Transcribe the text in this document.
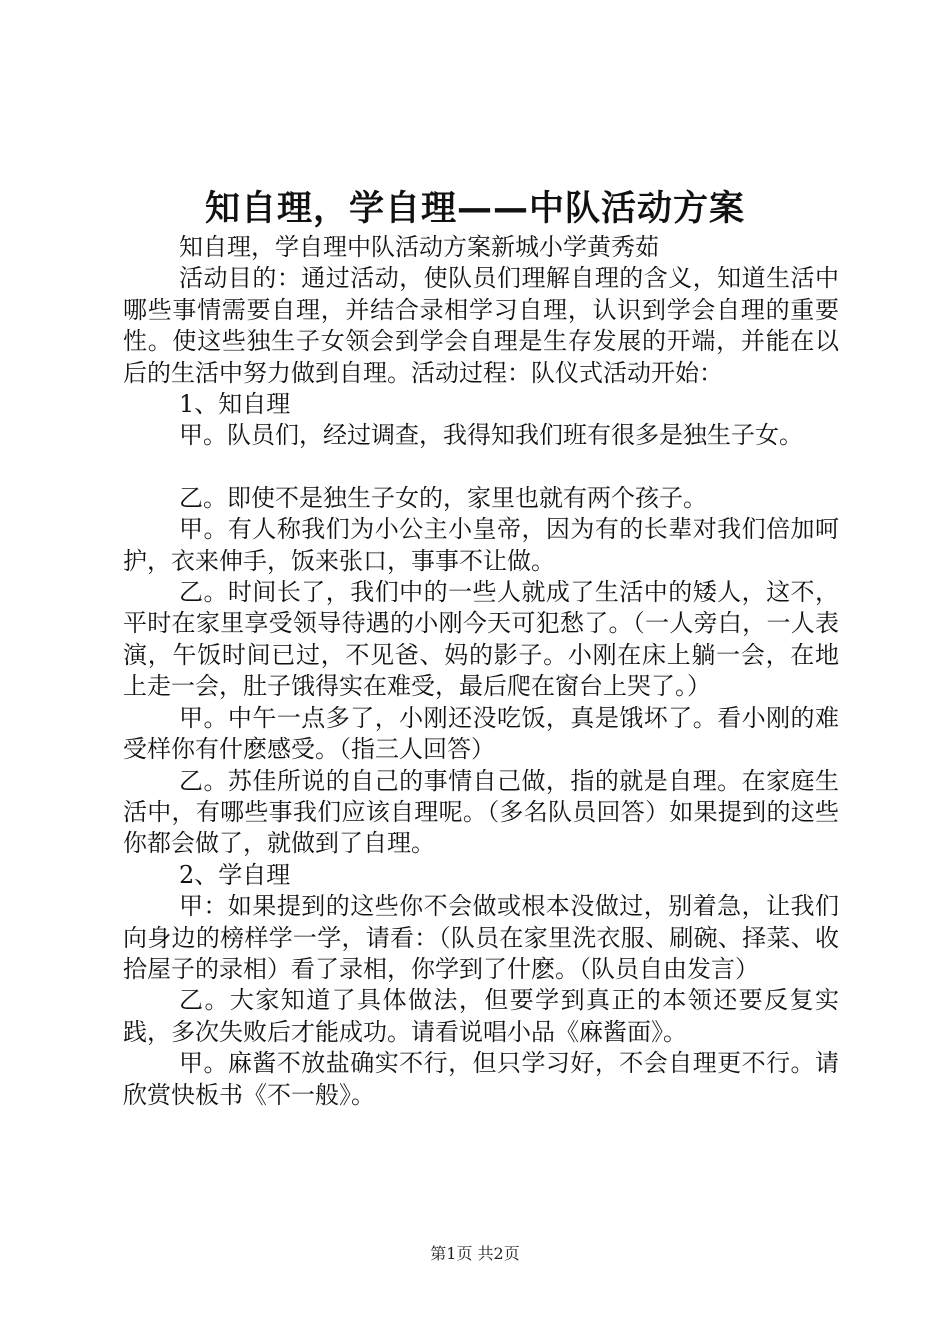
知自理，学自理——中队活动方案

知自理，学自理中队活动方案新城小学黄秀茹

活动目的：通过活动，使队员们理解自理的含义，知道生活中哪些事情需要自理，并结合录相学习自理，认识到学会自理的重要性。使这些独生子女领会到学会自理是生存发展的开端，并能在以后的生活中努力做到自理。活动过程：队仪式活动开始：

1、知自理

甲。队员们，经过调查，我得知我们班有很多是独生子女。

乙。即使不是独生子女的，家里也就有两个孩子。

甲。有人称我们为小公主小皇帝，因为有的长辈对我们倍加呵护，衣来伸手，饭来张口，事事不让做。

乙。时间长了，我们中的一些人就成了生活中的矮人，这不，平时在家里享受领导待遇的小刚今天可犯愁了。（一人旁白，一人表演，午饭时间已过，不见爸、妈的影子。小刚在床上躺一会，在地上走一会，肚子饿得实在难受，最后爬在窗台上哭了。）

甲。中午一点多了，小刚还没吃饭，真是饿坏了。看小刚的难受样你有什麽感受。（指三人回答）

乙。苏佳所说的自己的事情自己做，指的就是自理。在家庭生活中，有哪些事我们应该自理呢。（多名队员回答）如果提到的这些你都会做了，就做到了自理。

2、学自理

甲：如果提到的这些你不会做或根本没做过，别着急，让我们向身边的榜样学一学，请看：（队员在家里洗衣服、刷碗、择菜、收拾屋子的录相）看了录相，你学到了什麽。（队员自由发言）

乙。大家知道了具体做法，但要学到真正的本领还要反复实践，多次失败后才能成功。请看说唱小品《麻酱面》。

甲。麻酱不放盐确实不行，但只学习好，不会自理更不行。请欣赏快板书《不一般》。

第1页 共2页
